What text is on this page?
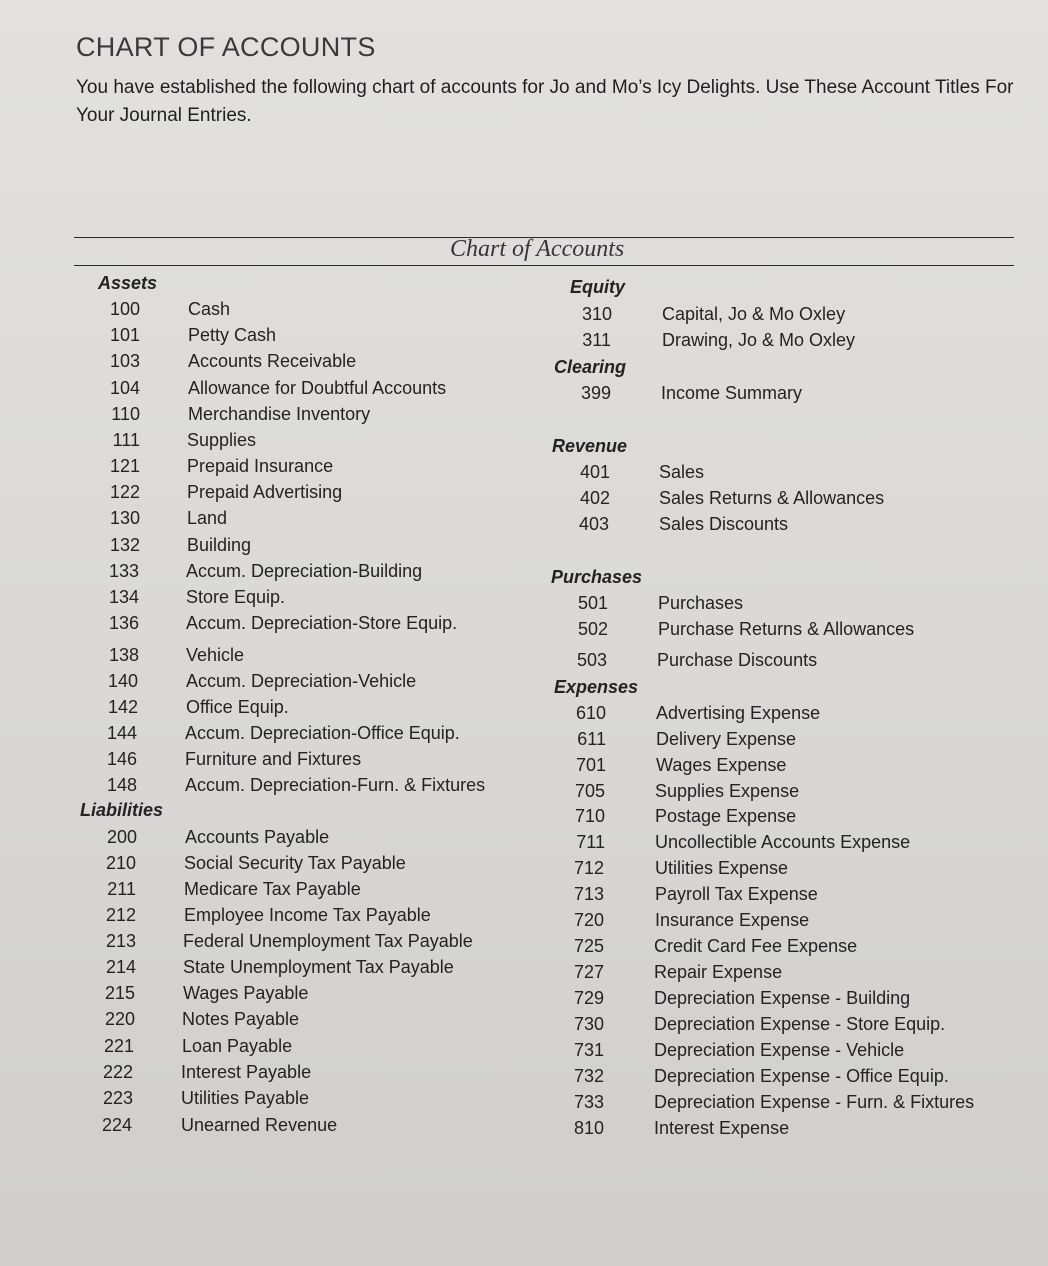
CHART OF ACCOUNTS
You have established the following chart of accounts for Jo and Mo’s Icy Delights. Use These Account Titles For Your Journal Entries.
Chart of Accounts
Assets
Liabilities
Equity
Clearing
Revenue
Purchases
Expenses
100	Cash
101	Petty Cash
103	Accounts Receivable
104	Allowance for Doubtful Accounts
110	Merchandise Inventory
111	Supplies
121	Prepaid Insurance
122	Prepaid Advertising
130	Land
132	Building
133	Accum. Depreciation-Building
134	Store Equip.
136	Accum. Depreciation-Store Equip.
138	Vehicle
140	Accum. Depreciation-Vehicle
142	Office Equip.
144	Accum. Depreciation-Office Equip.
146	Furniture and Fixtures
148	Accum. Depreciation-Furn. & Fixtures
200	Accounts Payable
210	Social Security Tax Payable
211	Medicare Tax Payable
212	Employee Income Tax Payable
213	Federal Unemployment Tax Payable
214	State Unemployment Tax Payable
215	Wages Payable
220	Notes Payable
221	Loan Payable
222	Interest Payable
223	Utilities Payable
224	Unearned Revenue
310	Capital, Jo & Mo Oxley
311	Drawing, Jo & Mo Oxley
399	Income Summary
401	Sales
402	Sales Returns & Allowances
403	Sales Discounts
501	Purchases
502	Purchase Returns & Allowances
503	Purchase Discounts
610	Advertising Expense
611	Delivery Expense
701	Wages Expense
705	Supplies Expense
710	Postage Expense
711	Uncollectible Accounts Expense
712	Utilities Expense
713	Payroll Tax Expense
720	Insurance Expense
725	Credit Card Fee Expense
727	Repair Expense
729	Depreciation Expense - Building
730	Depreciation Expense - Store Equip.
731	Depreciation Expense - Vehicle
732	Depreciation Expense - Office Equip.
733	Depreciation Expense - Furn. & Fixtures
810	Interest Expense
